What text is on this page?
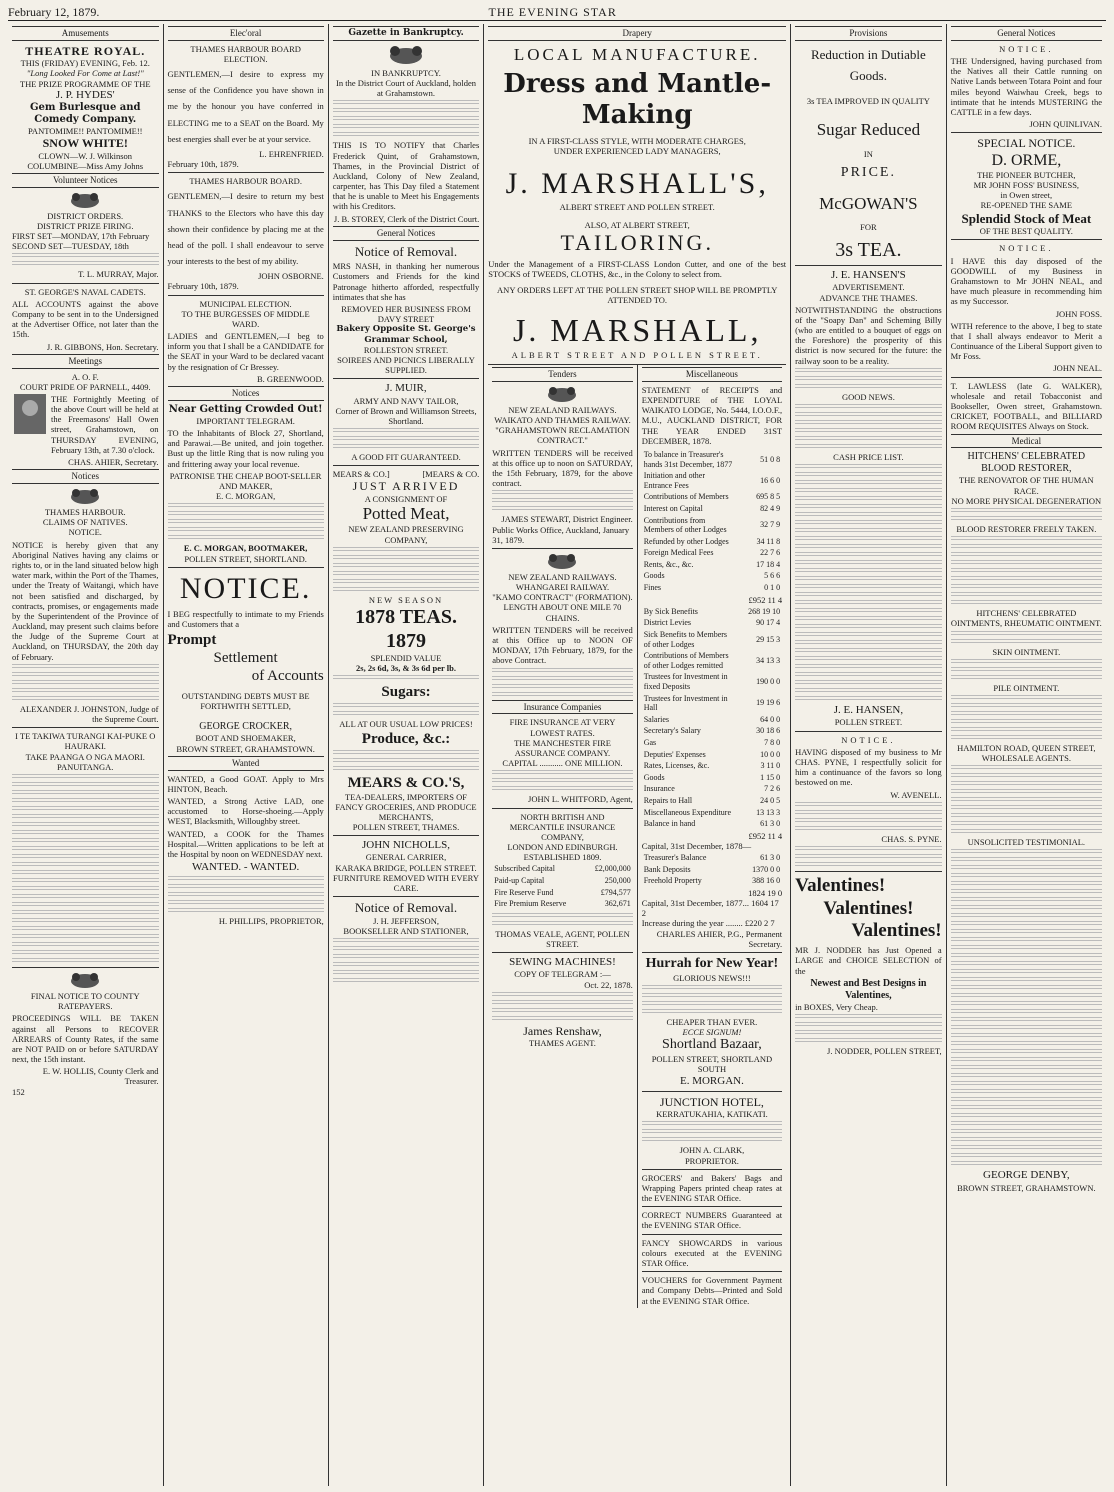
February 12, 1879.	THE EVENING STAR
Amusements
THEATRE ROYAL.
THIS (FRIDAY) EVENING, Feb. 12.
"Long Looked For Come at Last!"
THE PRIZE PROGRAMME OF THE
J. P. HYDES'
Gem Burlesque and Comedy Company.
PANTOMIME!! PANTOMIME!!
SNOW WHITE!
CLOWN—W. J. Wilkinson
COLUMBINE—Miss Amy Johns
Volunteer Notices
DISTRICT ORDERS.
DISTRICT PRIZE FIRING.
FIRST SET—MONDAY, 17th February
SECOND SET—TUESDAY, 18th
T. L. MURRAY, Major.
ST. GEORGE'S NAVAL CADETS.
ALL ACCOUNTS against the above Company to be sent in to the Undersigned at the Advertiser Office, not later than the 15th.
J. R. GIBBONS, Hon. Secretary.
Meetings
A. O. F.
COURT PRIDE OF PARNELL, 4409.
THE Fortnightly Meeting of the above Court will be held at the Freemasons' Hall Owen street, Grahamstown, on THURSDAY EVENING, February 13th, at 7.30 o'clock.
CHAS. AHIER, Secretary.
Notices
THAMES HARBOUR.
CLAIMS OF NATIVES.
NOTICE.
NOTICE is hereby given that any Aboriginal Natives having any claims or rights to, or in the land situated below high water mark, within the Port of the Thames, under the Treaty of Waitangi, which have not been satisfied and discharged, by contracts, promises, or engagements made by the Superintendent of the Province of Auckland, may present such claims before the Judge of the Supreme Court at Auckland, on THURSDAY, the 20th day of February.
ALEXANDER J. JOHNSTON, Judge of the Supreme Court.
I TE TAKIWA TURANGI KAI-PUKE O HAURAKI.
TAKE PAANGA O NGA MAORI.
PANUITANGA.
FINAL NOTICE TO COUNTY RATEPAYERS.
PROCEEDINGS WILL BE TAKEN against all Persons to RECOVER ARREARS of County Rates, if the same are NOT PAID on or before SATURDAY next, the 15th instant.
E. W. HOLLIS, County Clerk and Treasurer.
152
Elec'oral
THAMES HARBOUR BOARD ELECTION.
GENTLEMEN,—I desire to express my sense of the Confidence you have shown in me by the honour you have conferred in ELECTING me to a SEAT on the Board. My best energies shall ever be at your service.
L. EHRENFRIED.
February 10th, 1879.
THAMES HARBOUR BOARD.
GENTLEMEN,—I desire to return my best THANKS to the Electors who have this day shown their confidence by placing me at the head of the poll. I shall endeavour to serve your interests to the best of my ability.
JOHN OSBORNE.
February 10th, 1879.
MUNICIPAL ELECTION.
TO THE BURGESSES OF MIDDLE WARD.
LADIES and GENTLEMEN,—I beg to inform you that I shall be a CANDIDATE for the SEAT in your Ward to be declared vacant by the resignation of Cr Bressey.
B. GREENWOOD.
Notices
Near Getting Crowded Out!
IMPORTANT TELEGRAM.
TO the Inhabitants of Block 27, Shortland, and Parawai.—Be united, and join together. Bust up the little Ring that is now ruling you and frittering away your local revenue.
PATRONISE THE CHEAP BOOT-SELLER AND MAKER,
E. C. MORGAN,
E. C. MORGAN, BOOTMAKER,
POLLEN STREET, SHORTLAND.
NOTICE.
I BEG respectfully to intimate to my Friends and Customers that a
Prompt
Settlement
of Accounts
OUTSTANDING DEBTS MUST BE FORTHWITH SETTLED,
GEORGE CROCKER,
BOOT AND SHOEMAKER,
BROWN STREET, GRAHAMSTOWN.
Wanted
WANTED, a Good GOAT. Apply to Mrs HINTON, Beach.
WANTED, a Strong Active LAD, one accustomed to Horse-shoeing.—Apply WEST, Blacksmith, Willoughby street.
WANTED, a COOK for the Thames Hospital.—Written applications to be left at the Hospital by noon on WEDNESDAY next.
WANTED. - WANTED.
H. PHILLIPS, PROPRIETOR,
Gazette in Bankruptcy.
IN BANKRUPTCY.
In the District Court of Auckland, holden at Grahamstown.
THIS IS TO NOTIFY that Charles Frederick Quint, of Grahamstown, Thames, in the Provincial District of Auckland, Colony of New Zealand, carpenter, has This Day filed a Statement that he is unable to Meet his Engagements with his Creditors.
J. B. STOREY, Clerk of the District Court.
General Notices
Notice of Removal.
MRS NASH, in thanking her numerous Customers and Friends for the kind Patronage hitherto afforded, respectfully intimates that she has
REMOVED HER BUSINESS FROM DAVY STREET
Bakery Opposite St. George's Grammar School,
ROLLESTON STREET.
SOIREES AND PICNICS LIBERALLY SUPPLIED.
J. MUIR,
ARMY AND NAVY TAILOR,
Corner of Brown and Williamson Streets, Shortland.
A GOOD FIT GUARANTEED.
MEARS & CO.]	[MEARS & CO.
JUST ARRIVED
A CONSIGNMENT OF
Potted Meat,
NEW ZEALAND PRESERVING COMPANY,
NEW SEASON
1878 TEAS. 1879
SPLENDID VALUE
2s, 2s 6d, 3s, & 3s 6d per lb.
Sugars:
ALL AT OUR USUAL LOW PRICES!
Produce, &c.:
MEARS & CO.'S,
TEA-DEALERS, IMPORTERS OF FANCY GROCERIES, AND PRODUCE MERCHANTS,
POLLEN STREET, THAMES.
JOHN NICHOLLS,
GENERAL CARRIER,
KARAKA BRIDGE, POLLEN STREET.
FURNITURE REMOVED WITH EVERY CARE.
Notice of Removal.
J. H. JEFFERSON,
BOOKSELLER AND STATIONER,
Drapery
LOCAL MANUFACTURE.
Dress and Mantle-Making
IN A FIRST-CLASS STYLE, WITH MODERATE CHARGES,
UNDER EXPERIENCED LADY MANAGERS,
J. MARSHALL'S,
ALBERT STREET AND POLLEN STREET.
ALSO, AT ALBERT STREET,
TAILORING.
Under the Management of a FIRST-CLASS London Cutter, and one of the best STOCKS of TWEEDS, CLOTHS, &c., in the Colony to select from.
ANY ORDERS LEFT AT THE POLLEN STREET SHOP WILL BE PROMPTLY ATTENDED TO.
J. MARSHALL,
ALBERT STREET AND POLLEN STREET.
Tenders
NEW ZEALAND RAILWAYS.
WAIKATO AND THAMES RAILWAY.
"GRAHAMSTOWN RECLAMATION CONTRACT."
WRITTEN TENDERS will be received at this office up to noon on SATURDAY, the 15th February, 1879, for the above contract.
JAMES STEWART, District Engineer.
Public Works Office, Auckland, January 31, 1879.
NEW ZEALAND RAILWAYS.
WHANGAREI RAILWAY.
"KAMO CONTRACT" (FORMATION).
LENGTH ABOUT ONE MILE 70 CHAINS.
WRITTEN TENDERS will be received at this Office up to NOON OF MONDAY, 17th February, 1879, for the above Contract.
Insurance Companies
FIRE INSURANCE AT VERY LOWEST RATES.
THE MANCHESTER FIRE ASSURANCE COMPANY.
CAPITAL ........... ONE MILLION.
JOHN L. WHITFORD, Agent,
NORTH BRITISH AND MERCANTILE INSURANCE COMPANY,
LONDON AND EDINBURGH.
ESTABLISHED 1809.
Subscribed Capital	£2,000,000
Paid-up Capital	250,000
Fire Reserve Fund	£794,577
Fire Premium Reserve	362,671
THOMAS VEALE, AGENT, POLLEN STREET.
SEWING MACHINES!
COPY OF TELEGRAM :—
Oct. 22, 1878.
James Renshaw,
THAMES AGENT.
Miscellaneous
STATEMENT of RECEIPTS and EXPENDITURE of THE LOYAL WAIKATO LODGE, No. 5444, I.O.O.F., M.U., AUCKLAND DISTRICT, FOR THE YEAR ENDED 31ST DECEMBER, 1878.
To balance in Treasurer's hands 31st December, 1877	51 0 8
Initiation and other Entrance Fees	16 6 0
Contributions of Members	695 8 5
Interest on Capital	82 4 9
Contributions from Members of other Lodges	32 7 9
Refunded by other Lodges	34 11 8
Foreign Medical Fees	22 7 6
Rents, &c., &c.	17 18 4
Goods	5 6 6
Fines	0 1 0
£952 11 4
By Sick Benefits	268 19 10
District Levies	90 17 4
Sick Benefits to Members of other Lodges	29 15 3
Contributions of Members of other Lodges remitted	34 13 3
Trustees for Investment in fixed Deposits	190 0 0
Trustees for Investment in Hall	19 19 6
Salaries	64 0 0
Secretary's Salary	30 18 6
Gas	7 8 0
Deputies' Expenses	10 0 0
Rates, Licenses, &c.	3 11 0
Goods	1 15 0
Insurance	7 2 6
Repairs to Hall	24 0 5
Miscellaneous Expenditure	13 13 3
Balance in hand	61 3 0
£952 11 4
Capital, 31st December, 1878—
Treasurer's Balance	61 3 0
Bank Deposits	1370 0 0
Freehold Property	388 16 0
1824 19 0
Capital, 31st December, 1877... 1604 17 2
Increase during the year ........ £220 2 7
CHARLES AHIER, P.G., Permanent Secretary.
Hurrah for New Year!
GLORIOUS NEWS!!!
CHEAPER THAN EVER.
ECCE SIGNUM!
Shortland Bazaar,
POLLEN STREET, SHORTLAND SOUTH
E. MORGAN.
JUNCTION HOTEL,
KERRATUKAHIA, KATIKATI.
JOHN A. CLARK,
PROPRIETOR.
GROCERS' and Bakers' Bags and Wrapping Papers printed cheap rates at the EVENING STAR Office.
CORRECT NUMBERS Guaranteed at the EVENING STAR Office.
FANCY SHOWCARDS in various colours executed at the EVENING STAR Office.
VOUCHERS for Government Payment and Company Debts—Printed and Sold at the EVENING STAR Office.
Provisions
Reduction in Dutiable
Goods.
3s TEA IMPROVED IN QUALITY
Sugar Reduced
IN
PRICE.
McGOWAN'S
FOR
3s TEA.
J. E. HANSEN'S
ADVERTISEMENT.
ADVANCE THE THAMES.
NOTWITHSTANDING the obstructions of the "Soapy Dan" and Scheming Billy (who are entitled to a bouquet of eggs on the Foreshore) the prosperity of this district is now secured for the future: the railway soon to be a reality.
GOOD NEWS.
CASH PRICE LIST.
J. E. HANSEN,
POLLEN STREET.
NOTICE.
HAVING disposed of my business to Mr CHAS. PYNE, I respectfully solicit for him a continuance of the favors so long bestowed on me.
W. AVENELL.
CHAS. S. PYNE.
Valentines!
Valentines!
Valentines!
MR J. NODDER has Just Opened a LARGE and CHOICE SELECTION of the
Newest and Best Designs in Valentines,
in BOXES, Very Cheap.
J. NODDER, POLLEN STREET,
General Notices
NOTICE.
THE Undersigned, having purchased from the Natives all their Cattle running on Native Lands between Totara Point and four miles beyond Waiwhau Creek, begs to intimate that he intends MUSTERING the CATTLE in a few days.
JOHN QUINLIVAN.
SPECIAL NOTICE.
D. ORME,
THE PIONEER BUTCHER,
MR JOHN FOSS' BUSINESS,
in Owen street,
RE-OPENED THE SAME
Splendid Stock of Meat
OF THE BEST QUALITY.
NOTICE.
I HAVE this day disposed of the GOODWILL of my Business in Grahamstown to Mr JOHN NEAL, and have much pleasure in recommending him as my Successor.
JOHN FOSS.
WITH reference to the above, I beg to state that I shall always endeavor to Merit a Continuance of the Liberal Support given to Mr Foss.
JOHN NEAL.
T. LAWLESS (late G. WALKER), wholesale and retail Tobacconist and Bookseller, Owen street, Grahamstown. CRICKET, FOOTBALL, and BILLIARD ROOM REQUISITES Always on Stock.
Medical
HITCHENS' CELEBRATED BLOOD RESTORER,
THE RENOVATOR OF THE HUMAN RACE.
NO MORE PHYSICAL DEGENERATION
BLOOD RESTORER FREELY TAKEN.
HITCHENS' CELEBRATED OINTMENTS, RHEUMATIC OINTMENT.
SKIN OINTMENT.
PILE OINTMENT.
HAMILTON ROAD, QUEEN STREET, WHOLESALE AGENTS.
UNSOLICITED TESTIMONIAL.
GEORGE DENBY,
BROWN STREET, GRAHAMSTOWN.
